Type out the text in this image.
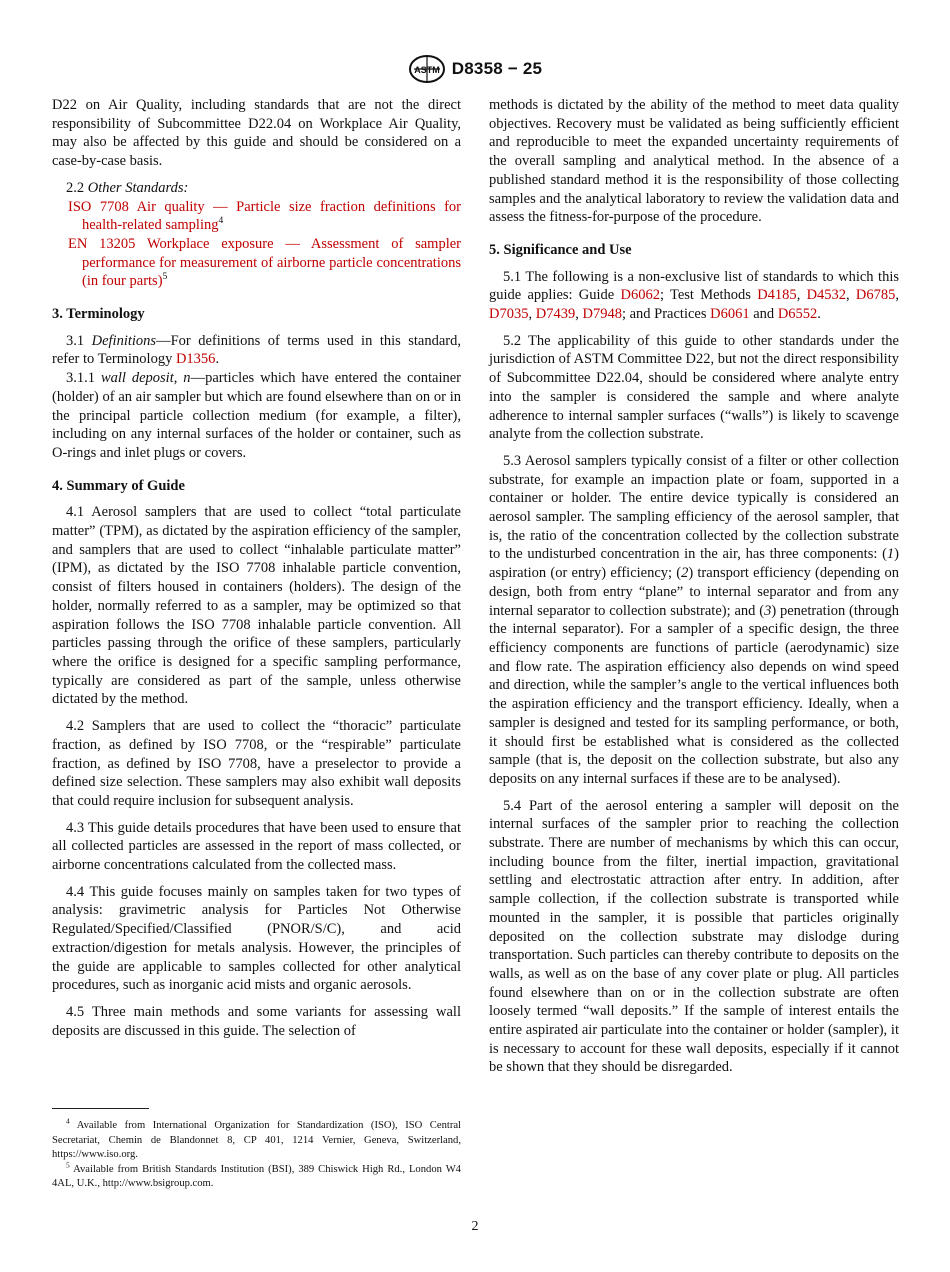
ASTM D8358 − 25

D22 on Air Quality, including standards that are not the direct responsibility of Subcommittee D22.04 on Workplace Air Quality, may also be affected by this guide and should be considered on a case-by-case basis.

2.2 Other Standards:

ISO 7708 Air quality — Particle size fraction definitions for health-related sampling$^4$

EN 13205 Workplace exposure — Assessment of sampler performance for measurement of airborne particle concentrations (in four parts)$^5$

3. Terminology

3.1 Definitions—For definitions of terms used in this standard, refer to Terminology D1356.

3.1.1 wall deposit, n—particles which have entered the container (holder) of an air sampler but which are found elsewhere than on or in the principal particle collection medium (for example, a filter), including on any internal surfaces of the holder or container, such as O-rings and inlet plugs or covers.

4. Summary of Guide

4.1 Aerosol samplers that are used to collect “total particulate matter” (TPM), as dictated by the aspiration efficiency of the sampler, and samplers that are used to collect “inhalable particulate matter” (IPM), as dictated by the ISO 7708 inhalable particle convention, consist of filters housed in containers (holders). The design of the holder, normally referred to as a sampler, may be optimized so that aspiration follows the ISO 7708 inhalable particle convention. All particles passing through the orifice of these samplers, particularly where the orifice is designed for a specific sampling performance, typically are considered as part of the sample, unless otherwise dictated by the method.

4.2 Samplers that are used to collect the “thoracic” particulate fraction, as defined by ISO 7708, or the “respirable” particulate fraction, as defined by ISO 7708, have a preselector to provide a defined size selection. These samplers may also exhibit wall deposits that could require inclusion for subsequent analysis.

4.3 This guide details procedures that have been used to ensure that all collected particles are assessed in the report of mass collected, or airborne concentrations calculated from the collected mass.

4.4 This guide focuses mainly on samples taken for two types of analysis: gravimetric analysis for Particles Not Otherwise Regulated/Specified/Classified (PNOR/S/C), and acid extraction/digestion for metals analysis. However, the principles of the guide are applicable to samples collected for other analytical procedures, such as inorganic acid mists and organic aerosols.

4.5 Three main methods and some variants for assessing wall deposits are discussed in this guide. The selection of

$^4$ Available from International Organization for Standardization (ISO), ISO Central Secretariat, Chemin de Blandonnet 8, CP 401, 1214 Vernier, Geneva, Switzerland, https://www.iso.org.

$^5$ Available from British Standards Institution (BSI), 389 Chiswick High Rd., London W4 4AL, U.K., http://www.bsigroup.com.

methods is dictated by the ability of the method to meet data quality objectives. Recovery must be validated as being sufficiently efficient and reproducible to meet the expanded uncertainty requirements of the overall sampling and analytical method. In the absence of a published standard method it is the responsibility of those collecting samples and the analytical laboratory to review the validation data and assess the fitness-for-purpose of the procedure.

5. Significance and Use

5.1 The following is a non-exclusive list of standards to which this guide applies: Guide D6062; Test Methods D4185, D4532, D6785, D7035, D7439, D7948; and Practices D6061 and D6552.

5.2 The applicability of this guide to other standards under the jurisdiction of ASTM Committee D22, but not the direct responsibility of Subcommittee D22.04, should be considered where analyte entry into the sampler is considered the sample and where analyte adherence to internal sampler surfaces (“walls”) is likely to scavenge analyte from the collection substrate.

5.3 Aerosol samplers typically consist of a filter or other collection substrate, for example an impaction plate or foam, supported in a container or holder. The entire device typically is considered an aerosol sampler. The sampling efficiency of the aerosol sampler, that is, the ratio of the concentration collected by the collection substrate to the undisturbed concentration in the air, has three components: (1) aspiration (or entry) efficiency; (2) transport efficiency (depending on design, both from entry “plane” to internal separator and from any internal separator to collection substrate); and (3) penetration (through the internal separator). For a sampler of a specific design, the three efficiency components are functions of particle (aerodynamic) size and flow rate. The aspiration efficiency also depends on wind speed and direction, while the sampler’s angle to the vertical influences both the aspiration efficiency and the transport efficiency. Ideally, when a sampler is designed and tested for its sampling performance, or both, it should first be established what is considered as the collected sample (that is, the deposit on the collection substrate, but also any deposits on any internal surfaces if these are to be analysed).

5.4 Part of the aerosol entering a sampler will deposit on the internal surfaces of the sampler prior to reaching the collection substrate. There are number of mechanisms by which this can occur, including bounce from the filter, inertial impaction, gravitational settling and electrostatic attraction after entry. In addition, after sample collection, if the collection substrate is transported while mounted in the sampler, it is possible that particles originally deposited on the collection substrate may dislodge during transportation. Such particles can thereby contribute to deposits on the walls, as well as on the base of any cover plate or plug. All particles found elsewhere than on or in the collection substrate are often loosely termed “wall deposits.” If the sample of interest entails the entire aspirated air particulate into the container or holder (sampler), it is necessary to account for these wall deposits, especially if it cannot be shown that they should be disregarded.

2
